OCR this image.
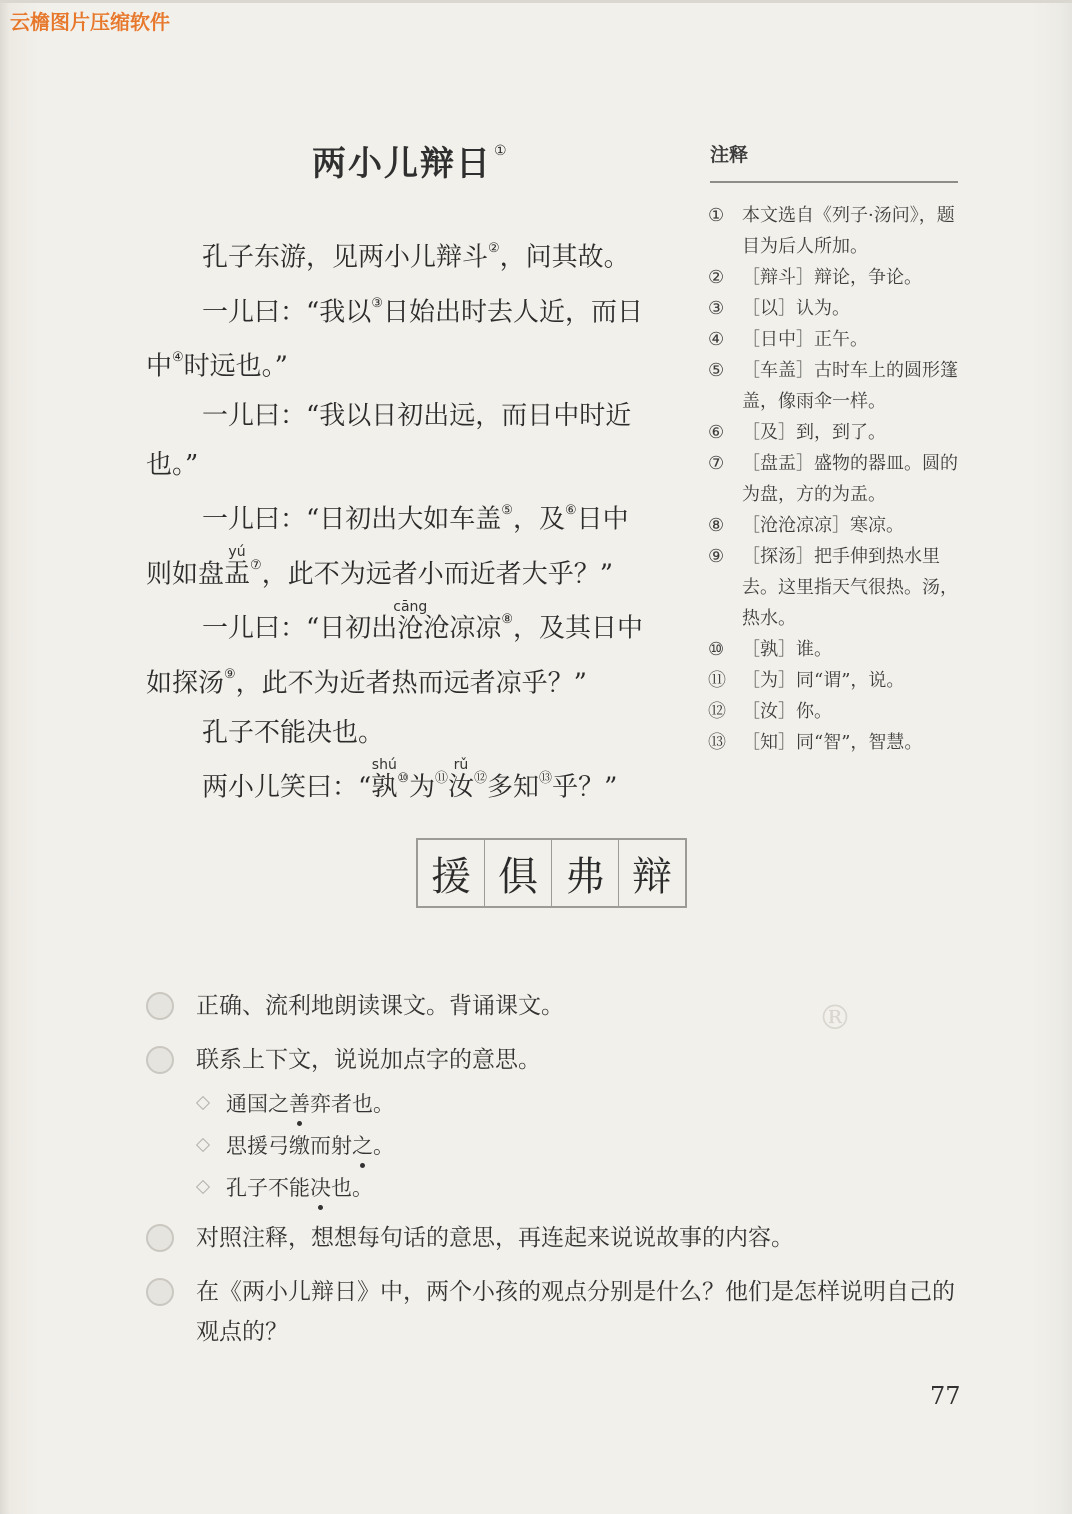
云檐图片压缩软件
两小儿辩日 ①	注释
① 本文选自《列子·汤问》，题目为后人所加。
② ［辩斗］辩论，争论。
③ ［以］认为。
④ ［日中］正午。
⑤ ［车盖］古时车上的圆形篷盖，像雨伞一样。
⑥ ［及］到，到了。
⑦ ［盘盂］盛物的器皿。圆的为盘，方的为盂。
⑧ ［沧沧凉凉］寒凉。
⑨ ［探汤］把手伸到热水里去。这里指天气很热。汤，热水。
⑩ ［孰］谁。
⑪ ［为］同“谓”，说。
⑫ ［汝］你。
⑬ ［知］同“智”，智慧。

孔子东游，见两小儿辩斗②，问其故。

一儿曰：“我以③日始出时去人近，而日

中④时远也。”

一儿曰：“我以日初出远，而日中时近

也。”

一儿曰：“日初出大如车盖⑤，及⑥日中

则如盘
yú
盂⑦，此不为远者小而近者大乎？”

一儿曰：“日初出
cāng
沧沧凉凉⑧，及其日中

如探汤⑨，此不为近者热而远者凉乎？”

孔子不能决也。

两小儿笑曰：“
shú
孰⑩为⑪
rǔ
汝⑫多知⑬乎？”

援 俱 弗 辩
®
正确、流利地朗读课文。背诵课文。
联系上下文，说说加点字的意思。
通国之 善 弈者也。
思援弓缴而射 之 。
孔子不能 决 也。
对照注释，想想每句话的意思，再连起来说说故事的内容。
在《两小儿辩日》中，两个小孩的观点分别是什么？他们是怎样说明自己的观点的？
77
